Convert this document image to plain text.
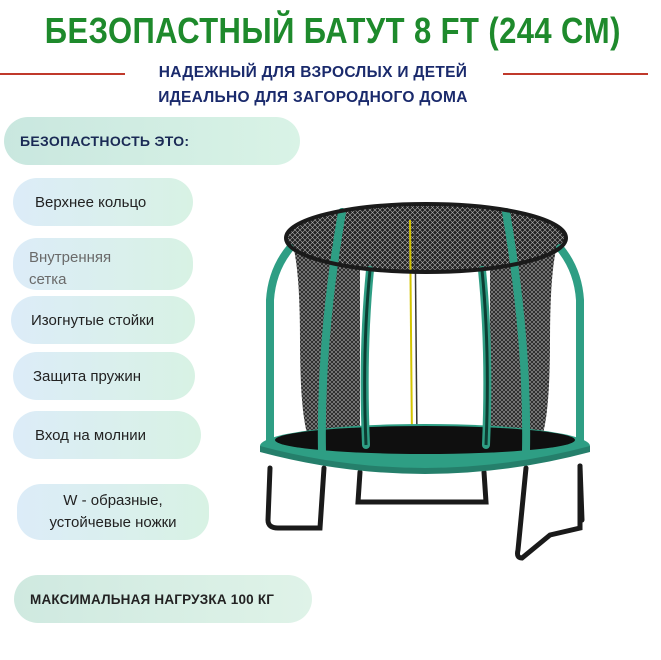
БЕЗОПАСТНЫЙ БАТУТ 8 FT (244 CM)
НАДЕЖНЫЙ ДЛЯ ВЗРОСЛЫХ И ДЕТЕЙ
ИДЕАЛЬНО ДЛЯ ЗАГОРОДНОГО ДОМА
БЕЗОПАСТНОСТЬ ЭТО:
Верхнее кольцо
Внутренняя сетка
Изогнутые стойки
Защита пружин
Вход на молнии
W - образные, устойчевые ножки
МАКСИМАЛЬНАЯ НАГРУЗКА 100 КГ
